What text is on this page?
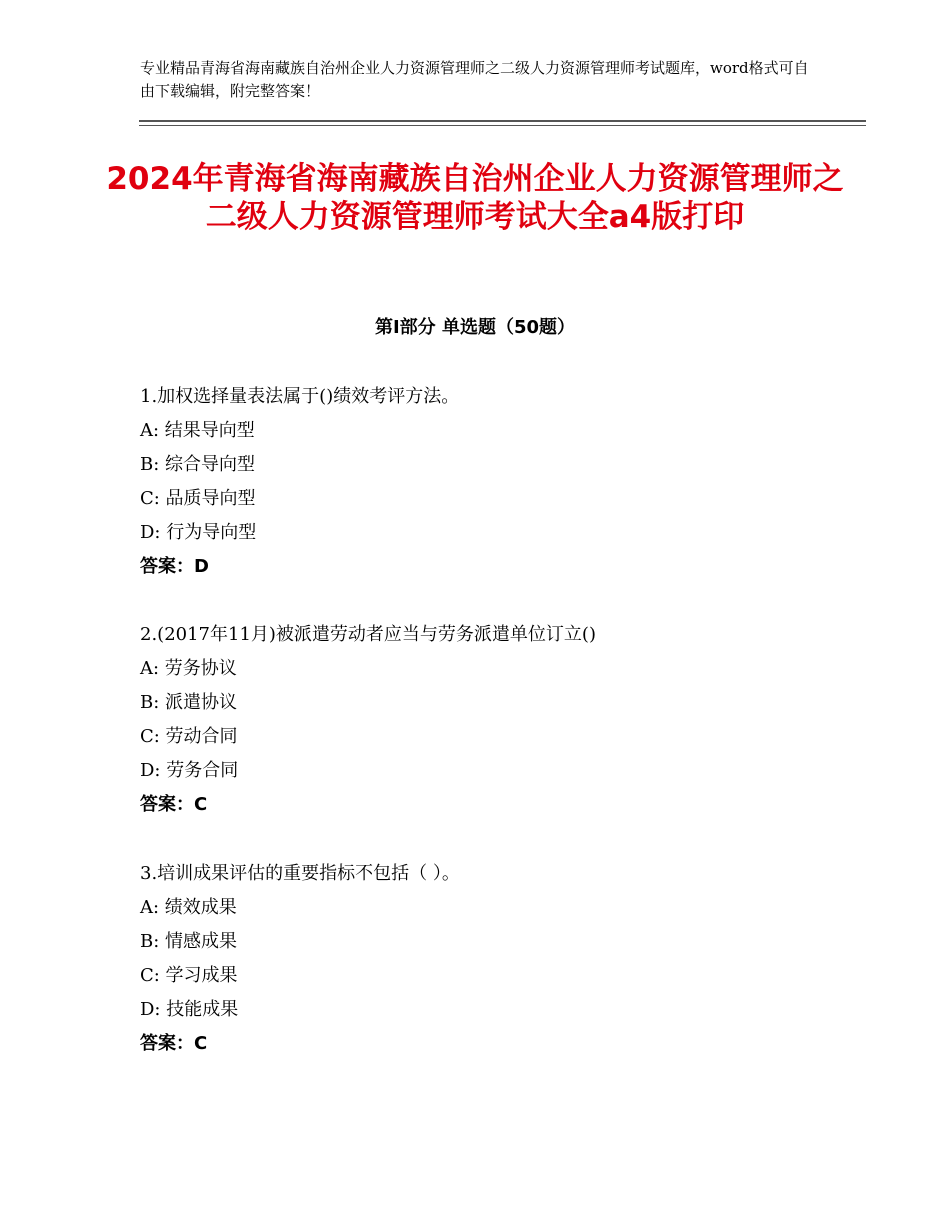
专业精品青海省海南藏族自治州企业人力资源管理师之二级人力资源管理师考试题库，word格式可自由下载编辑，附完整答案！

2024年青海省海南藏族自治州企业人力资源管理师之二级人力资源管理师考试大全a4版打印
第Ⅰ部分 单选题（50题）
1.加权选择量表法属于()绩效考评方法。
A: 结果导向型
B: 综合导向型
C: 品质导向型
D: 行为导向型
答案：D
2.(2017年11月)被派遣劳动者应当与劳务派遣单位订立()
A: 劳务协议
B: 派遣协议
C: 劳动合同
D: 劳务合同
答案：C
3.培训成果评估的重要指标不包括（ ）。
A: 绩效成果
B: 情感成果
C: 学习成果
D: 技能成果
答案：C
